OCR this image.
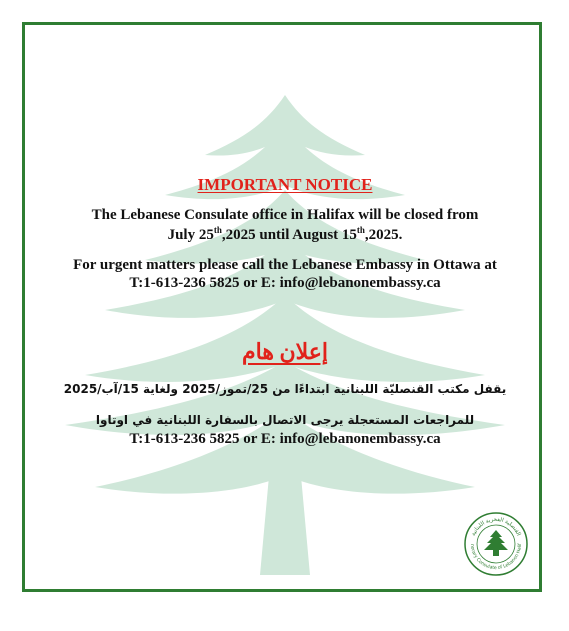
IMPORTANT NOTICE
The Lebanese Consulate office in Halifax will be closed from
July 25th,2025 until August 15th,2025.
For urgent matters please call the Lebanese Embassy in Ottawa at
T:1-613-236 5825 or E: info@lebanonembassy.ca
إعلان هام
يقفل مكتب القنصليّة اللبنانية ابتداءًا من 25/تموز/2025 ولغاية 15/آب/2025
للمراجعات المستعجلة يرجى الاتصال بالسفارة اللبنانية في اوتاوا
T:1-613-236 5825 or E: info@lebanonembassy.ca
القنصلية الفخرية اللبنانية
norary Consulate of Lebanon Halif
